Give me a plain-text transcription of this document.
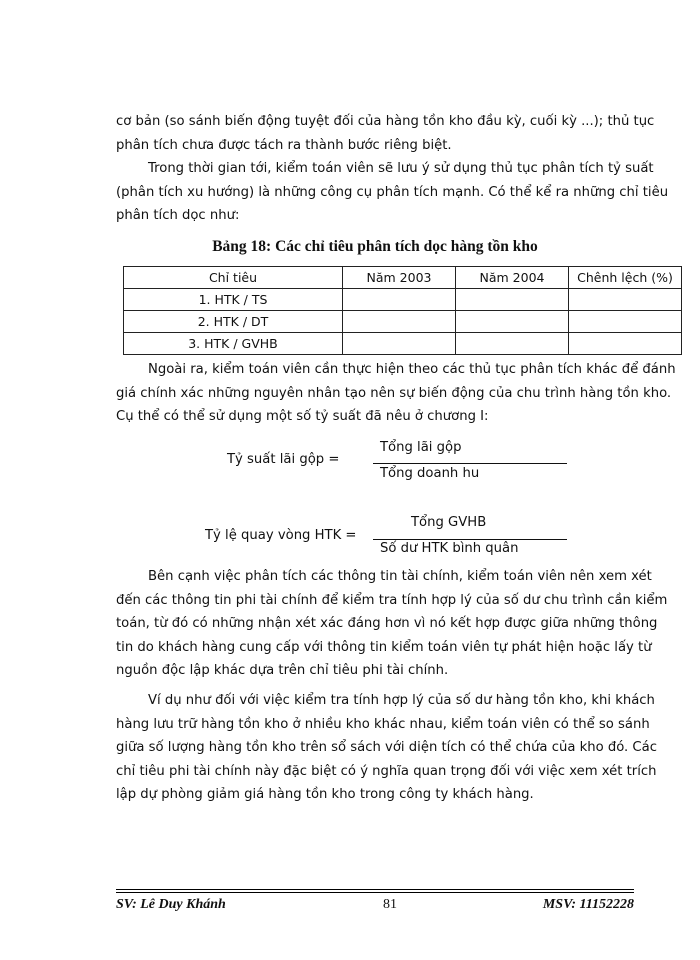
cơ bản (so sánh biến động tuyệt đối của hàng tồn kho đầu kỳ, cuối kỳ ...); thủ tục
phân tích chưa được tách ra thành bước riêng biệt.
Trong thời gian tới, kiểm toán viên sẽ lưu ý sử dụng thủ tục phân tích tỷ suất
(phân tích xu hướng) là những công cụ phân tích mạnh. Có thể kể ra những chỉ tiêu
phân tích dọc như:
Bảng 18: Các chỉ tiêu phân tích dọc hàng tồn kho
Chỉ tiêu	Năm 2003	Năm 2004	Chênh lệch (%)
1. HTK / TS			
2. HTK / DT			
3. HTK / GVHB			
Ngoài ra, kiểm toán viên cần thực hiện theo các thủ tục phân tích khác để đánh
giá chính xác những nguyên nhân tạo nên sự biến động của chu trình hàng tồn kho.
Cụ thể có thể sử dụng một số tỷ suất đã nêu ở chương I:
Tỷ suất lãi gộp =
Tổng lãi gộp
Tổng doanh hu
Tỷ lệ quay vòng HTK =
Tổng GVHB
Số dư HTK bình quân
Bên cạnh việc phân tích các thông tin tài chính, kiểm toán viên nên xem xét
đến các thông tin phi tài chính để kiểm tra tính hợp lý của số dư chu trình cần kiểm
toán, từ đó có những nhận xét xác đáng hơn vì nó kết hợp được giữa những thông
tin do khách hàng cung cấp với thông tin kiểm toán viên tự phát hiện hoặc lấy từ
nguồn độc lập khác dựa trên chỉ tiêu phi tài chính.
Ví dụ như đối với việc kiểm tra tính hợp lý của số dư hàng tồn kho, khi khách
hàng lưu trữ hàng tồn kho ở nhiều kho khác nhau, kiểm toán viên có thể so sánh
giữa số lượng hàng tồn kho trên sổ sách với diện tích có thể chứa của kho đó. Các
chỉ tiêu phi tài chính này đặc biệt có ý nghĩa quan trọng đối với việc xem xét trích
lập dự phòng giảm giá hàng tồn kho trong công ty khách hàng.
SV: Lê Duy Khánh	81	MSV: 11152228
